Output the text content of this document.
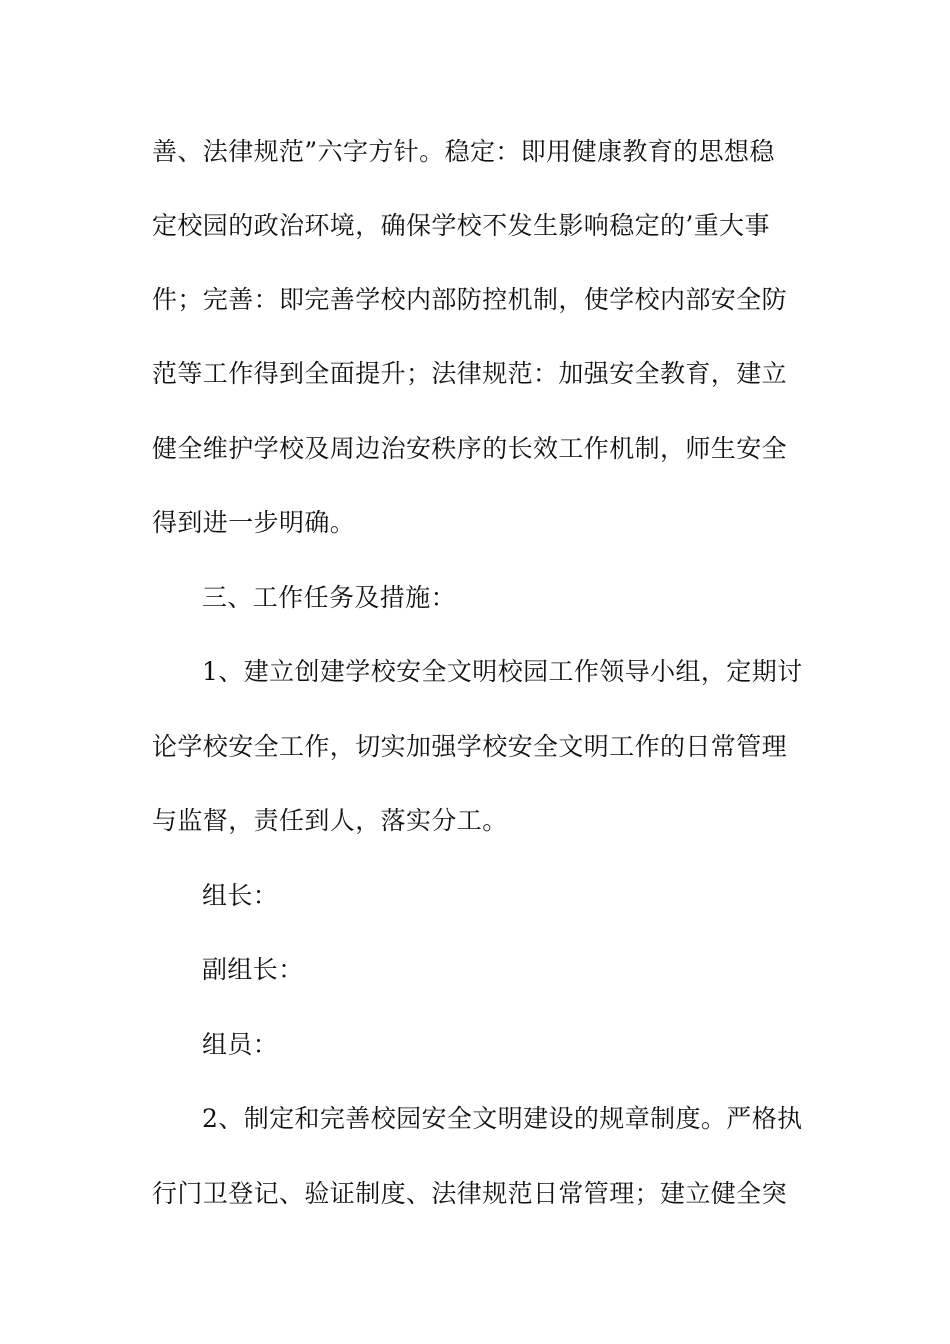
善、法律规范”六字方针。稳定：即用健康教育的思想稳
定校园的政治环境，确保学校不发生影响稳定的’重大事
件；完善：即完善学校内部防控机制，使学校内部安全防
范等工作得到全面提升；法律规范：加强安全教育，建立
健全维护学校及周边治安秩序的长效工作机制，师生安全
得到进一步明确。
三、工作任务及措施：
1、建立创建学校安全文明校园工作领导小组，定期讨
论学校安全工作，切实加强学校安全文明工作的日常管理
与监督，责任到人，落实分工。
组长：
副组长：
组员：
2、制定和完善校园安全文明建设的规章制度。严格执
行门卫登记、验证制度、法律规范日常管理；建立健全突
